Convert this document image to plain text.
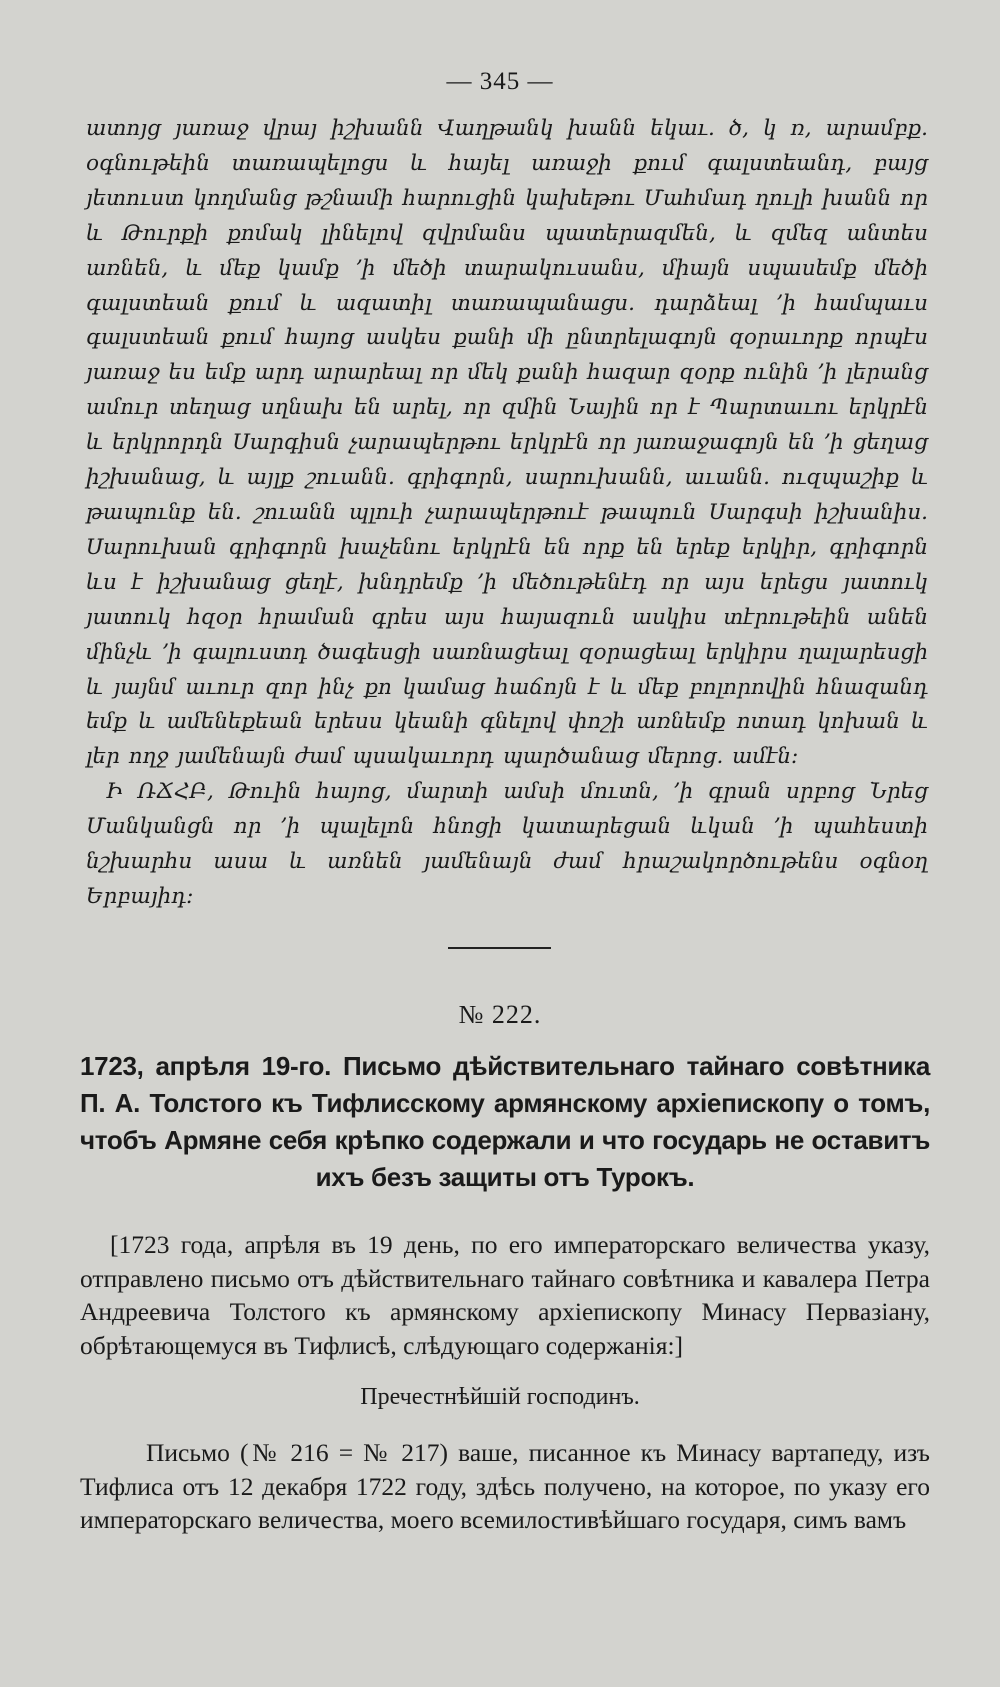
— 345 —

ատոյց յառաջ վրայ իշխանն Վաղթանկ խանն եկաւ. ծ, կ ռ, արամբք. օգնութեին տառապելոցս և հայել առաջի քում գալստեանդ, բայց յետուստ կողմանց թշնամի հարուցին կախեթու Մահմադ ղուլի խանն որ և Թուրքի քոմակ լինելով զվրմանս պատերազմեն, և զմեզ անտես առնեն, և մեք կամք ՚ի մեծի տարակուսանս, միայն սպասեմք մեծի գալստեան քում և ազատիլ տառապանացս. դարձեալ ՚ի համպաւս գալստեան քում հայոց ասկես քանի մի ընտրելագոյն զօրաւորք որպէս յառաջ ես եմք արդ արարեալ որ մեկ քանի հազար զօրք ունին ՚ի լերանց ամուր տեղաց սղնախ են արել, որ զմին Նային որ է Պարտաւու երկրէն և երկրորդն Սարգիսն չարապերթու երկրէն որ յառաջագոյն են ՚ի ցեղաց իշխանաց, և այլք շուանն. գրիգորն, սարուխանն, աւանն. ուզպաշիք և թապունք են. շուանն պլուի չարապերթուէ թապուն Սարգսի իշխանիս. Սարուխան գրիգորն խաչենու երկրէն են որք են երեք երկիր, գրիգորն ևս է իշխանաց ցեղէ, խնդրեմք ՚ի մեծութենէդ որ այս երեցս յատուկ յատուկ հզօր հրաման գրես այս հայազուն ասկիս տէրութեին անեն մինչև ՚ի գալուստդ ծագեսցի սառնացեալ զօրացեալ երկիրս ղալարեսցի և յայնմ աւուր զոր ինչ քո կամաց հաճոյն է և մեք բոլորովին հնազանդ եմք և ամենեքեան երեսս կեանի գնելով փոշի առնեմք ոտադ կոխան և լեր ողջ յամենայն ժամ պսակաւորդ պարծանաց մերոց. ամէն։

Ի ՌՃՀԲ, Թուին հայոց, մարտի ամսի մուտն, ՚ի գրան սրբոց Նրեց Մանկանցն որ ՚ի պալելոն հնոցի կատարեցան ևկան ՚ի պահեստի նշխարհս ասա և առնեն յամենայն ժամ հրաշակործութենս օգնօղ Երբայիդ։

№ 222.
1723, апрѣля 19-го. Письмо дѣйствительнаго тайнаго совѣтника П. А. Толстого къ Тифлисскому армянскому архіепископу о томъ, чтобъ Армяне себя крѣпко содержали и что государь не оставитъ ихъ безъ защиты отъ Турокъ.
[1723 года, апрѣля въ 19 день, по его императорскаго величества указу, отправлено письмо отъ дѣйствительнаго тайнаго совѣтника и кавалера Петра Андреевича Толстого къ армянскому архіепископу Минасу Первазіану, обрѣтающемуся въ Тифлисѣ, слѣдующаго содержанія:]
Пречестнѣйшій господинъ.
Письмо (№ 216 = № 217) ваше, писанное къ Минасу вартапеду, изъ Тифлиса отъ 12 декабря 1722 году, здѣсь получено, на которое, по указу его императорскаго величества, моего всемилостивѣйшаго государя, симъ вамъ
